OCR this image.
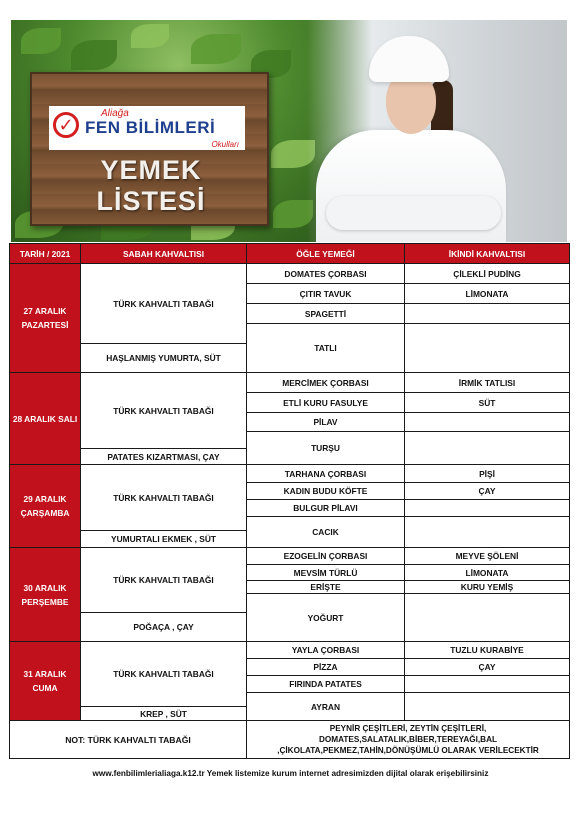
✓
Aliağa
FEN BİLİMLERİ
Okulları
YEMEK LİSTESİ
TARİH / 2021	SABAH KAHVALTISI	ÖĞLE YEMEĞİ	İKİNDİ KAHVALTISI
27 ARALIK PAZARTESİ	TÜRK KAHVALTI TABAĞI	DOMATES ÇORBASI	ÇİLEKLİ PUDİNG
		ÇITIR TAVUK	LİMONATA
		SPAGETTİ	
		TATLI	
	HAŞLANMIŞ YUMURTA, SÜT		
28 ARALIK SALI	TÜRK KAHVALTI TABAĞI	MERCİMEK ÇORBASI	İRMİK TATLISI
		ETLİ KURU FASULYE	SÜT
		PİLAV	
		TURŞU	
	PATATES KIZARTMASI, ÇAY		
29 ARALIK ÇARŞAMBA	TÜRK KAHVALTI TABAĞI	TARHANA ÇORBASI	PİŞİ
		KADIN BUDU KÖFTE	ÇAY
		BULGUR PİLAVI	
		CACIK	
	YUMURTALI EKMEK , SÜT		
30 ARALIK PERŞEMBE	TÜRK KAHVALTI TABAĞI	EZOGELİN ÇORBASI	MEYVE ŞÖLENİ
		MEVSİM TÜRLÜ	LİMONATA
		ERİŞTE	KURU YEMİŞ
		YOĞURT	
	POĞAÇA , ÇAY		
31 ARALIK CUMA	TÜRK KAHVALTI TABAĞI	YAYLA ÇORBASI	TUZLU KURABİYE
		PİZZA	ÇAY
		FIRINDA PATATES	
		AYRAN	
	KREP , SÜT		
NOT: TÜRK KAHVALTI TABAĞI		PEYNİR ÇEŞİTLERİ, ZEYTİN ÇEŞİTLERİ, DOMATES,SALATALIK,BİBER,TEREYAĞI,BAL ,ÇİKOLATA,PEKMEZ,TAHİN,DÖNÜŞÜMLÜ OLARAK VERİLECEKTİR	
www.fenbilimlerialiaga.k12.tr Yemek listemize kurum internet adresimizden dijital olarak erişebilirsiniz
